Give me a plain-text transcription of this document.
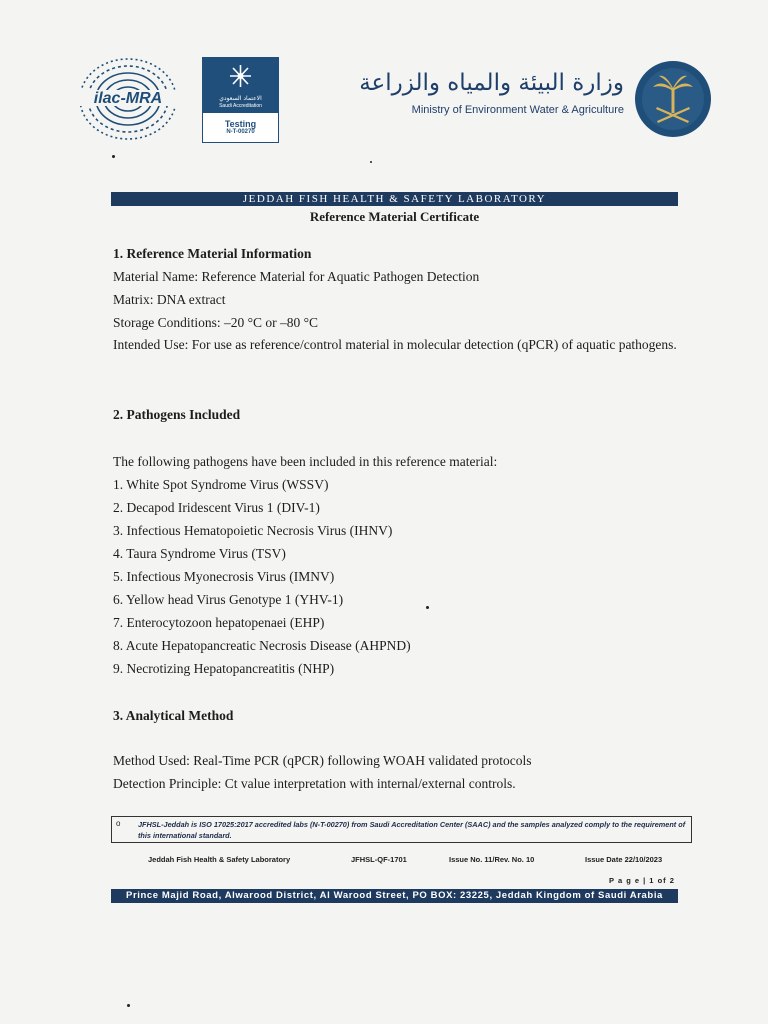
ilac-MRA	الاعتماد السعودي
Saudi Accreditation
Testing
N-T-00270
وزارة البيئة والمياه والزراعة
Ministry of Environment Water & Agriculture
JEDDAH FISH HEALTH & SAFETY LABORATORY
Reference Material Certificate
1. Reference Material Information
Material Name: Reference Material for Aquatic Pathogen Detection
Matrix: DNA extract
Storage Conditions: –20 °C or –80 °C
Intended Use: For use as reference/control material in molecular detection (qPCR) of aquatic pathogens.
2. Pathogens Included
The following pathogens have been included in this reference material:
1. White Spot Syndrome Virus (WSSV)
2. Decapod Iridescent Virus 1 (DIV-1)
3. Infectious Hematopoietic Necrosis Virus (IHNV)
4. Taura Syndrome Virus (TSV)
5. Infectious Myonecrosis Virus (IMNV)
6. Yellow head Virus Genotype 1 (YHV-1)
7. Enterocytozoon hepatopenaei (EHP)
8. Acute Hepatopancreatic Necrosis Disease (AHPND)
9. Necrotizing Hepatopancreatitis (NHP)
3. Analytical Method
Method Used: Real-Time PCR (qPCR) following WOAH validated protocols
Detection Principle: Ct value interpretation with internal/external controls.
o JFHSL-Jeddah is ISO 17025:2017 accredited labs (N-T-00270) from Saudi Accreditation Center (SAAC) and the samples analyzed comply to the requirement of this international standard.
Jeddah Fish Health & Safety Laboratory	JFHSL-QF-1701	Issue No. 11/Rev. No. 10	Issue Date 22/10/2023
P a g e | 1 of 2
Prince Majid Road, Alwarood District, Al Warood Street, PO BOX: 23225, Jeddah Kingdom of Saudi Arabia
